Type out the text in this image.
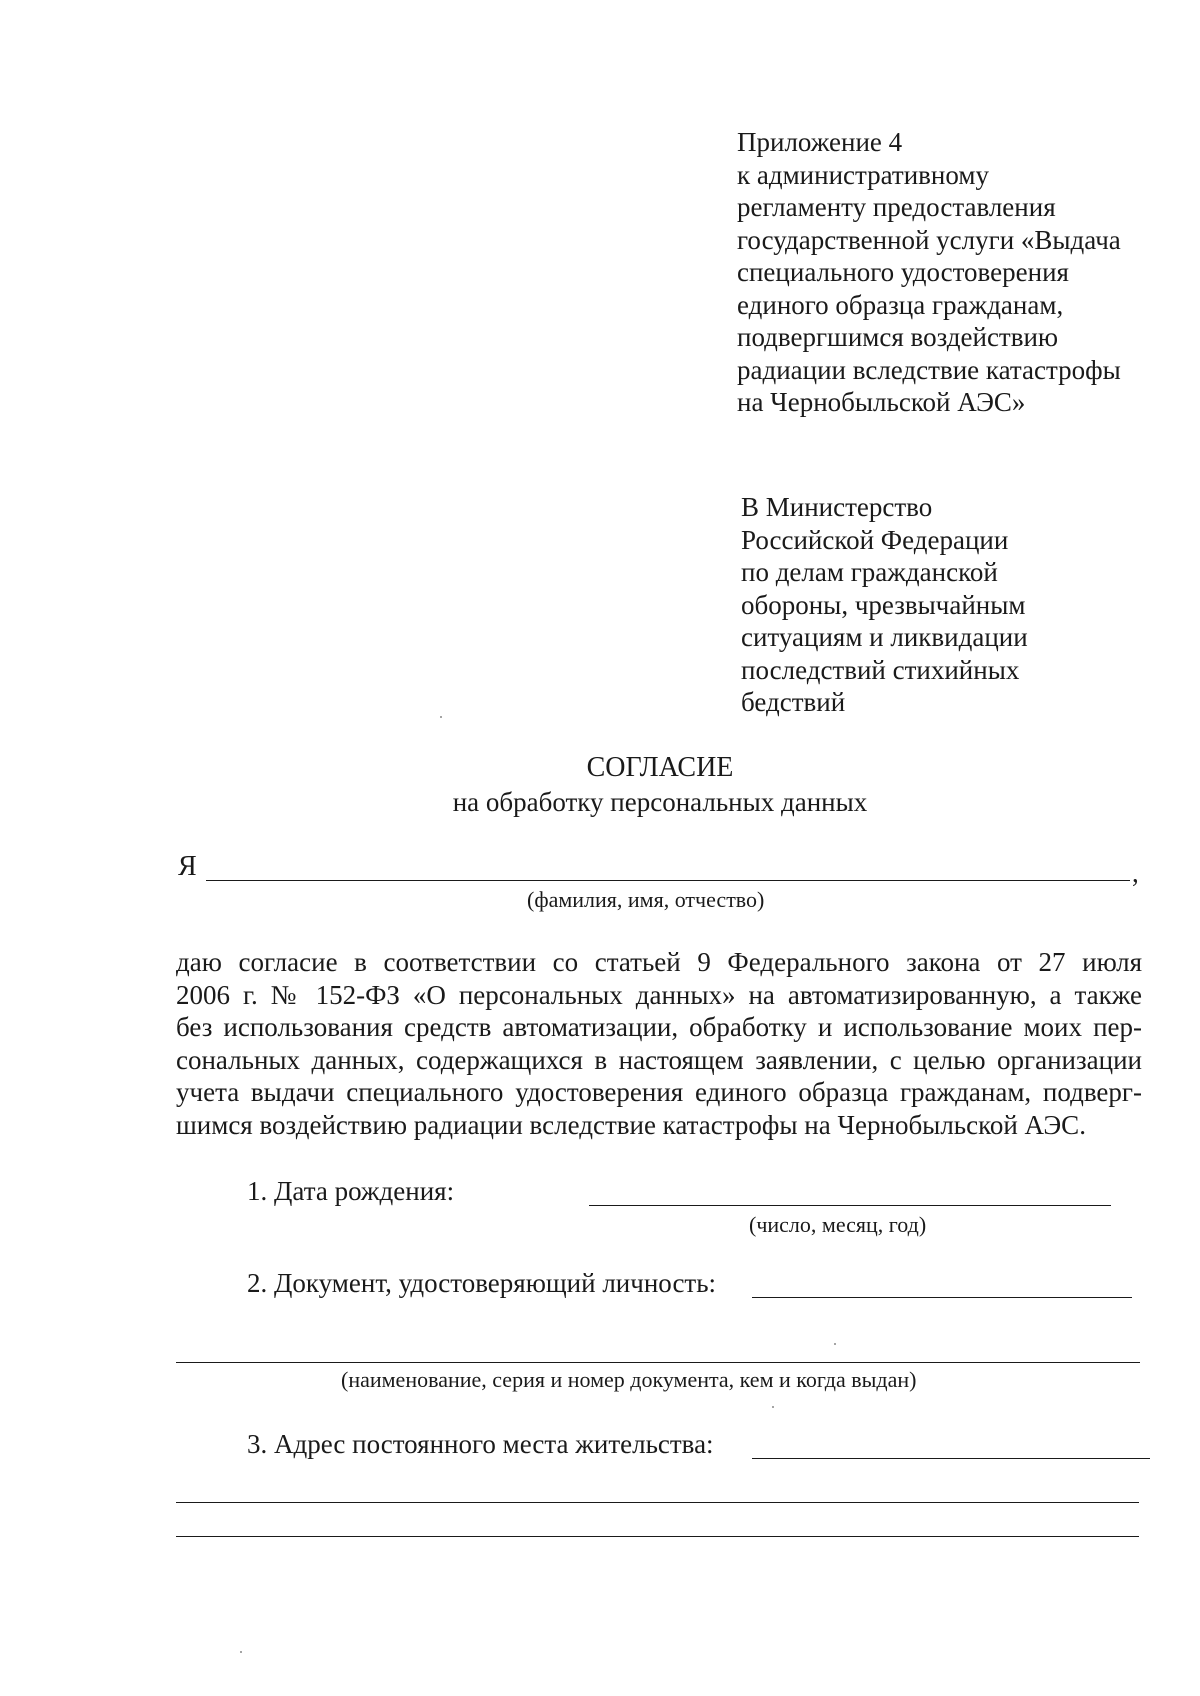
Приложение 4
к административному
регламенту предоставления
государственной услуги «Выдача
специального удостоверения
единого образца гражданам,
подвергшимся воздействию
радиации вследствие катастрофы
на Чернобыльской АЭС»
В Министерство
Российской Федерации
по делам гражданской
обороны, чрезвычайным
ситуациям и ликвидации
последствий стихийных
бедствий
СОГЛАСИЕ
на обработку персональных данных
Я	,
(фамилия, имя, отчество)
даю согласие в соответствии со статьей 9 Федерального закона от 27 июля
2006 г. № 152-ФЗ «О персональных данных» на автоматизированную, а также
без использования средств автоматизации, обработку и использование моих пер-
сональных данных, содержащихся в настоящем заявлении, с целью организации
учета выдачи специального удостоверения единого образца гражданам, подверг-
шимся воздействию радиации вследствие катастрофы на Чернобыльской АЭС.
1. Дата рождения:
(число, месяц, год)
2. Документ, удостоверяющий личность:
(наименование, серия и номер документа, кем и когда выдан)
3. Адрес постоянного места жительства:
